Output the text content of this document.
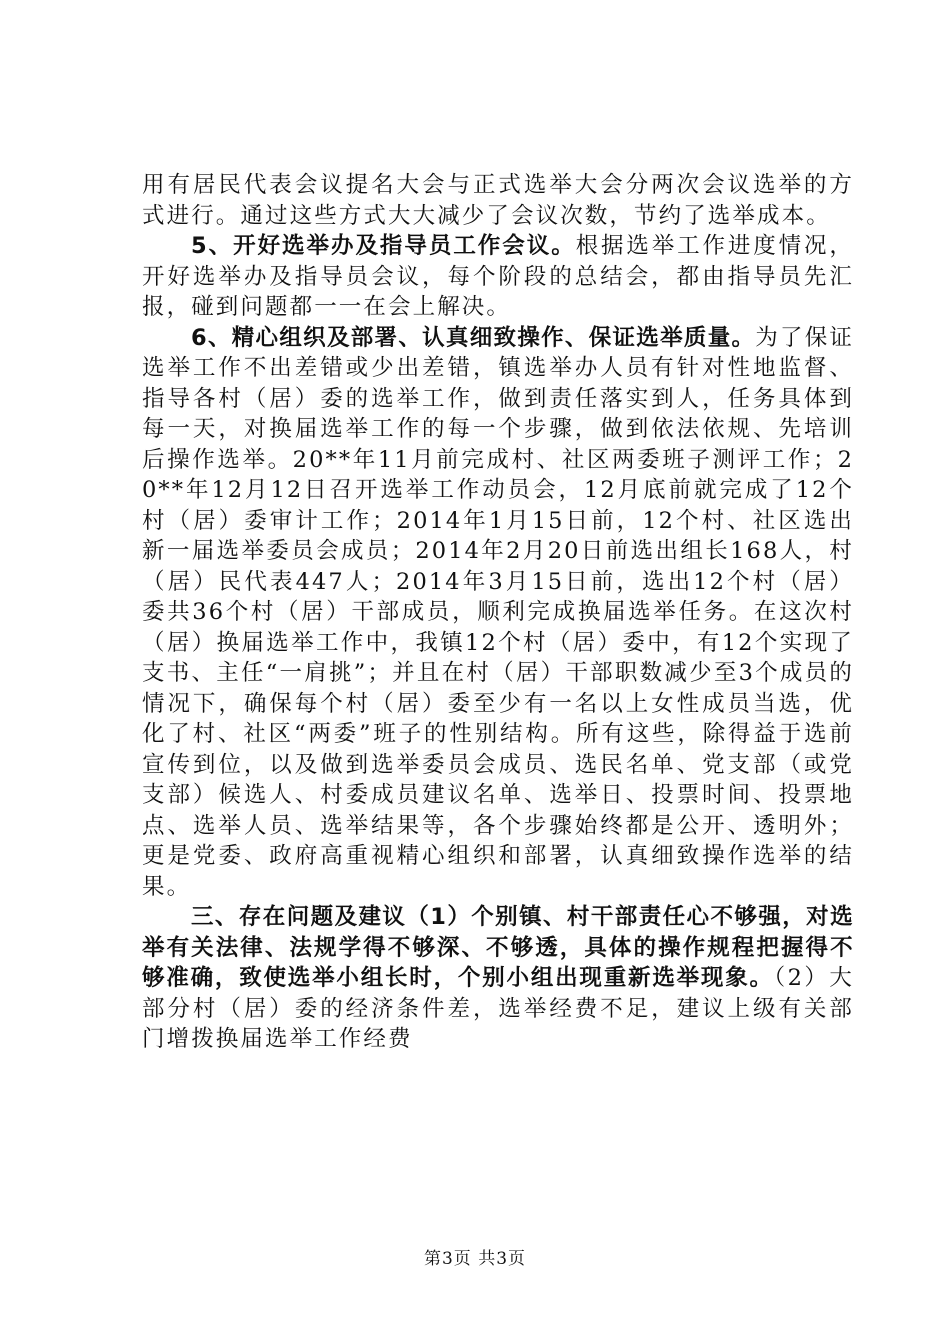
用有居民代表会议提名大会与正式选举大会分两次会议选举的方式进行。通过这些方式大大减少了会议次数，节约了选举成本。

5、开好选举办及指导员工作会议。根据选举工作进度情况，开好选举办及指导员会议，每个阶段的总结会，都由指导员先汇报，碰到问题都一一在会上解决。

6、精心组织及部署、认真细致操作、保证选举质量。为了保证选举工作不出差错或少出差错，镇选举办人员有针对性地监督、指导各村（居）委的选举工作，做到责任落实到人，任务具体到每一天，对换届选举工作的每一个步骤，做到依法依规、先培训后操作选举。20**年11月前完成村、社区两委班子测评工作；20**年12月12日召开选举工作动员会，12月底前就完成了12个村（居）委审计工作；2014年1月15日前，12个村、社区选出新一届选举委员会成员；2014年2月20日前选出组长168人，村（居）民代表447人；2014年3月15日前，选出12个村（居）委共36个村（居）干部成员，顺利完成换届选举任务。在这次村（居）换届选举工作中，我镇12个村（居）委中，有12个实现了支书、主任“一肩挑”；并且在村（居）干部职数减少至3个成员的情况下，确保每个村（居）委至少有一名以上女性成员当选，优化了村、社区“两委”班子的性别结构。所有这些，除得益于选前宣传到位，以及做到选举委员会成员、选民名单、党支部（或党支部）候选人、村委成员建议名单、选举日、投票时间、投票地点、选举人员、选举结果等，各个步骤始终都是公开、透明外；更是党委、政府高重视精心组织和部署，认真细致操作选举的结果。

三、存在问题及建议（1）个别镇、村干部责任心不够强，对选举有关法律、法规学得不够深、不够透，具体的操作规程把握得不够准确，致使选举小组长时，个别小组出现重新选举现象。（2）大部分村（居）委的经济条件差，选举经费不足，建议上级有关部门增拨换届选举工作经费

第3页 共3页
